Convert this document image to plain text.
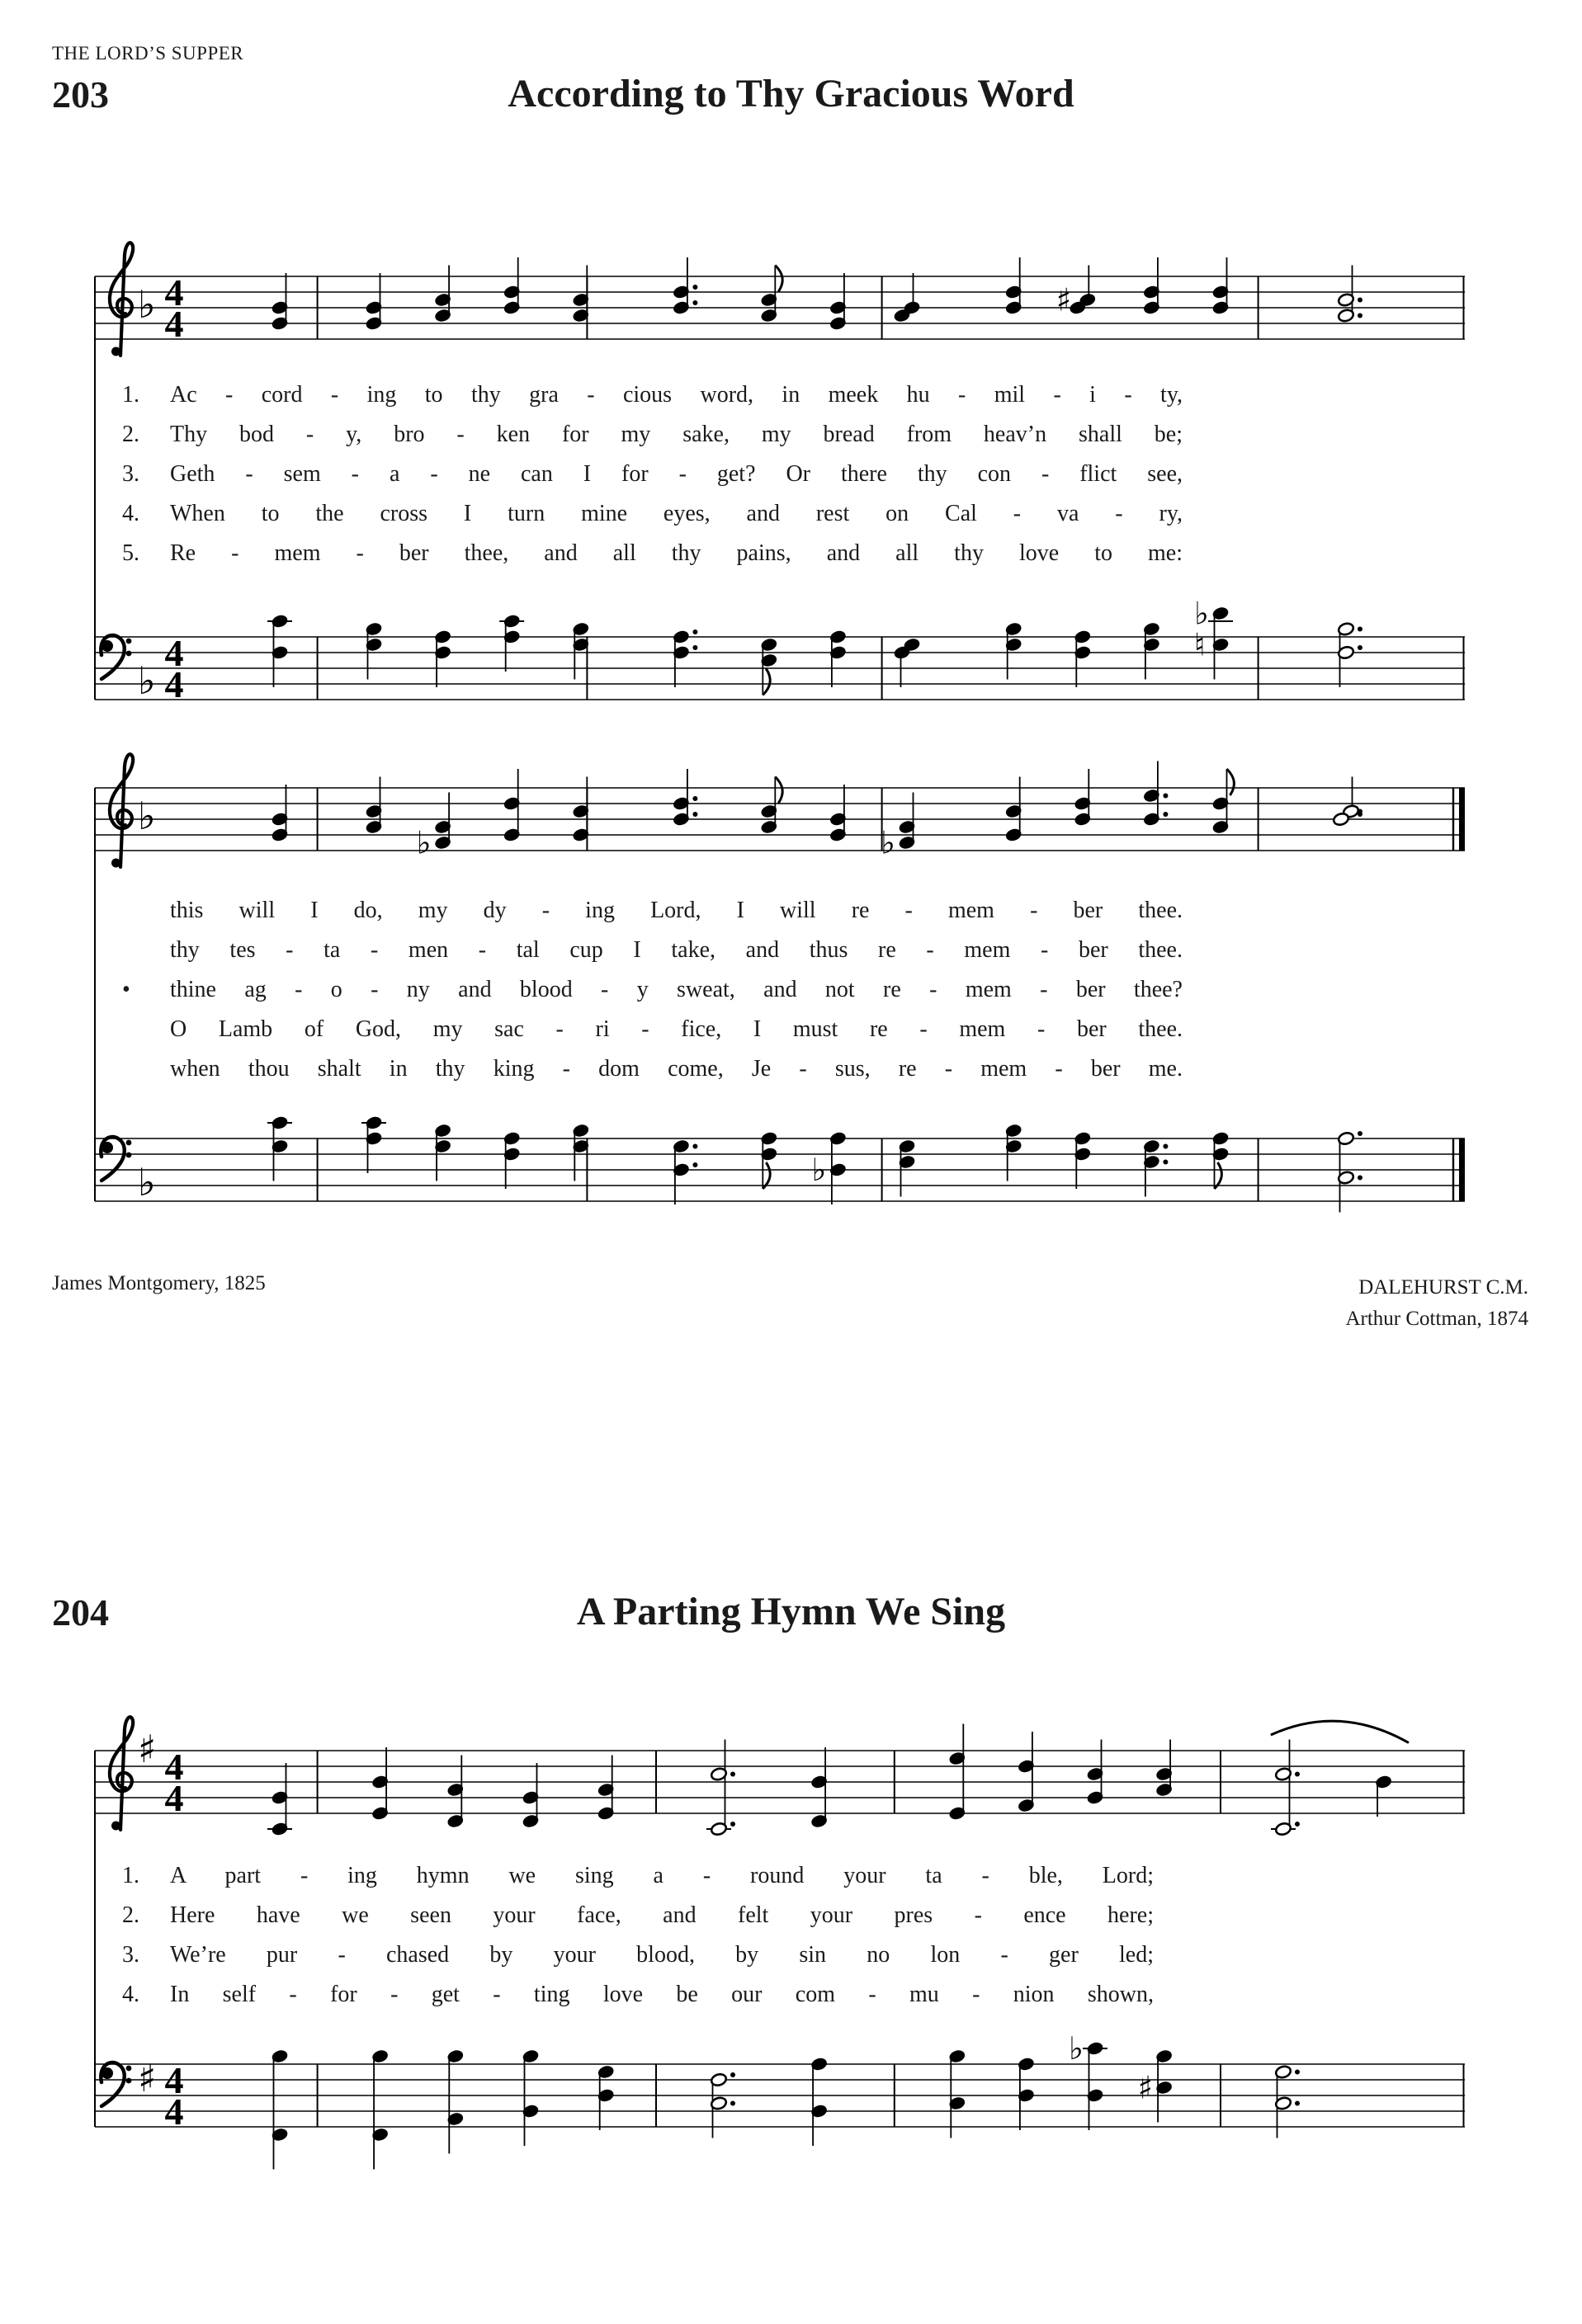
THE LORD’S SUPPER
203	According to Thy Gracious Word
♭ 4
4
♯
1.	Ac - cord - ing to thy gra - cious word, in meek hu - mil - i - ty,
2.	Thy bod - y, bro - ken for my sake, my bread from heav’n shall be;
3.	Geth - sem - a - ne can I for - get? Or there thy con - flict see,
4.	When to the cross I turn mine eyes, and rest on Cal - va - ry,
5.	Re - mem - ber thee, and all thy pains, and all thy love to me:
♭
4
4
♭
♮
♭
♭	♭
this will I do, my dy - ing Lord, I will re - mem - ber thee.
thy tes - ta - men - tal cup I take, and thus re - mem - ber thee.
•	thine ag - o - ny and blood - y sweat, and not re - mem - ber thee?
O Lamb of God, my sac - ri - fice, I must re - mem - ber thee.
when thou shalt in thy king - dom come, Je - sus, re - mem - ber me.
♭	♭
James Montgomery, 1825	DALEHURST C.M.
Arthur Cottman, 1874
204	A Parting Hymn We Sing
♯ 4
4
1.	A part - ing hymn we sing a - round your ta - ble, Lord;
2.	Here have we seen your face, and felt your pres - ence here;
3.	We’re pur - chased by your blood, by sin no lon - ger led;
4.	In self - for - get - ting love be our com - mu - nion shown,
♯ 4
4
♭
♯
